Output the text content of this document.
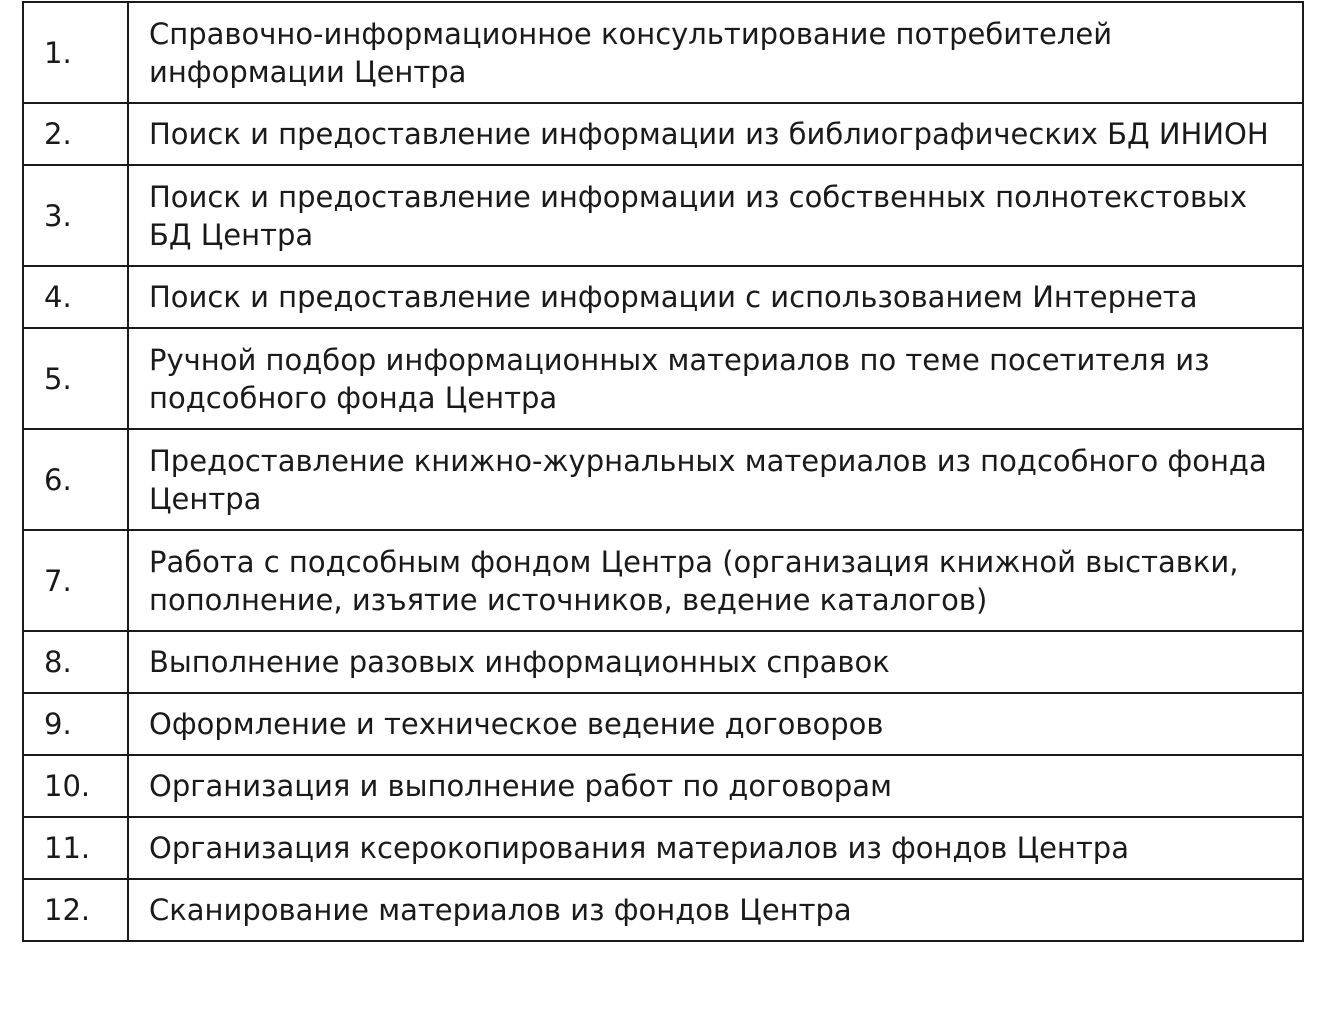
1.	Справочно-информационное консультирование потребителей информации Центра
2.	Поиск и предоставление информации из библиографических БД ИНИОН
3.	Поиск и предоставление информации из собственных полнотекстовых БД Центра
4.	Поиск и предоставление информации с использованием Интернета
5.	Ручной подбор информационных материалов по теме посетителя из подсобного фонда Центра
6.	Предоставление книжно-журнальных материалов из подсобного фонда Центра
7.	Работа с подсобным фондом Центра (организация книжной выставки, пополнение, изъятие источников, ведение каталогов)
8.	Выполнение разовых информационных справок
9.	Оформление и техническое ведение договоров
10.	Организация и выполнение работ по договорам
11.	Организация ксерокопирования материалов из фондов Центра
12.	Сканирование материалов из фондов Центра
